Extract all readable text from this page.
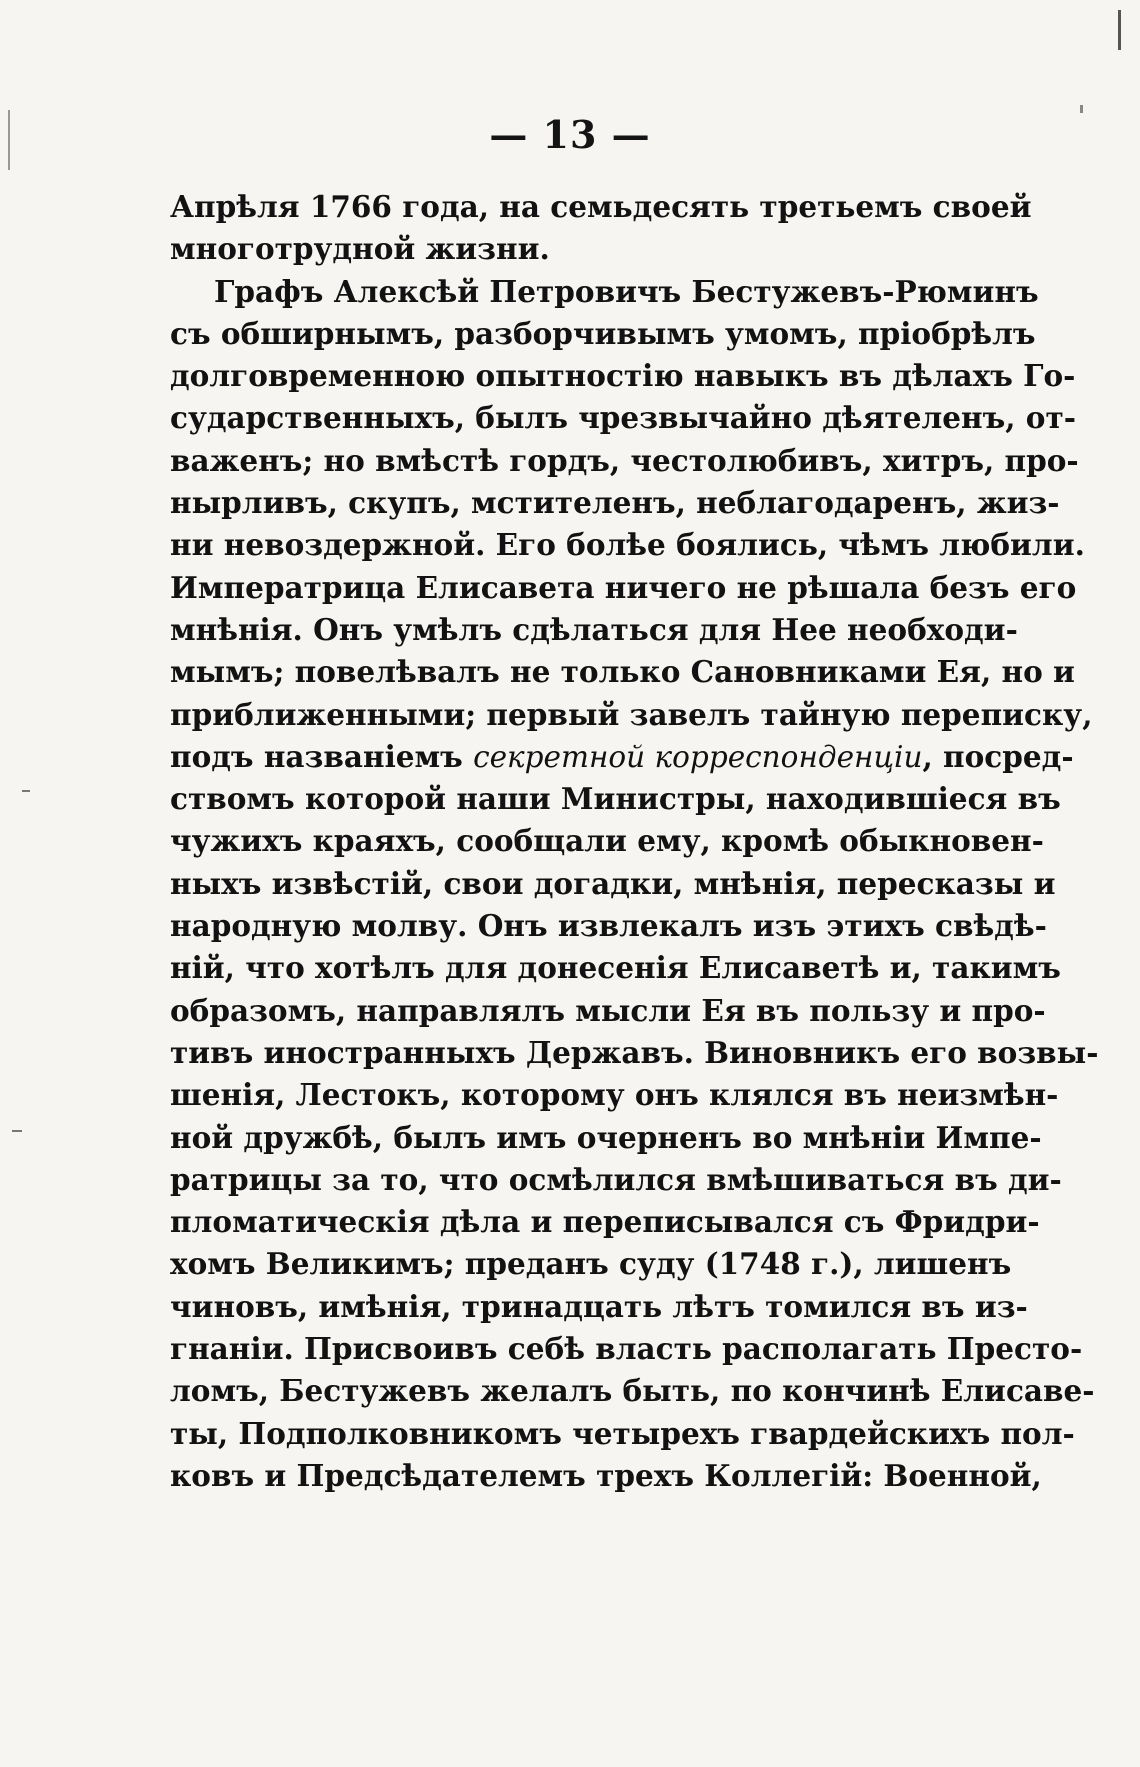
— 13 —
Апрѣля 1766 года, на семьдесять третьемъ своей
многотрудной жизни.
Графъ Алексѣй Петровичъ Бестужевъ-Рюминъ
съ обширнымъ, разборчивымъ умомъ, пріобрѣлъ
долговременною опытностію навыкъ въ дѣлахъ Го-
сударственныхъ, былъ чрезвычайно дѣятеленъ, от-
важенъ; но вмѣстѣ гордъ, честолюбивъ, хитръ, про-
нырливъ, скупъ, мстителенъ, неблагодаренъ, жиз-
ни невоздержной. Его болѣе боялись, чѣмъ любили.
Императрица Елисавета ничего не рѣшала безъ его
мнѣнія. Онъ умѣлъ сдѣлаться для Нее необходи-
мымъ; повелѣвалъ не только Сановниками Ея, но и
приближенными; первый завелъ тайную переписку,
подъ названіемъ секретной корреспонденціи, посред-
ствомъ которой наши Министры, находившіеся въ
чужихъ краяхъ, сообщали ему, кромѣ обыкновен-
ныхъ извѣстій, свои догадки, мнѣнія, пересказы и
народную молву. Онъ извлекалъ изъ этихъ свѣдѣ-
ній, что хотѣлъ для донесенія Елисаветѣ и, такимъ
образомъ, направлялъ мысли Ея въ пользу и про-
тивъ иностранныхъ Державъ. Виновникъ его возвы-
шенія, Лестокъ, которому онъ клялся въ неизмѣн-
ной дружбѣ, былъ имъ очерненъ во мнѣніи Импе-
ратрицы за то, что осмѣлился вмѣшиваться въ ди-
пломатическія дѣла и переписывался съ Фридри-
хомъ Великимъ; преданъ суду (1748 г.), лишенъ
чиновъ, имѣнія, тринадцать лѣтъ томился въ из-
гнаніи. Присвоивъ себѣ власть располагать Престо-
ломъ, Бестужевъ желалъ быть, по кончинѣ Елисаве-
ты, Подполковникомъ четырехъ гвардейскихъ пол-
ковъ и Предсѣдателемъ трехъ Коллегій: Военной,
